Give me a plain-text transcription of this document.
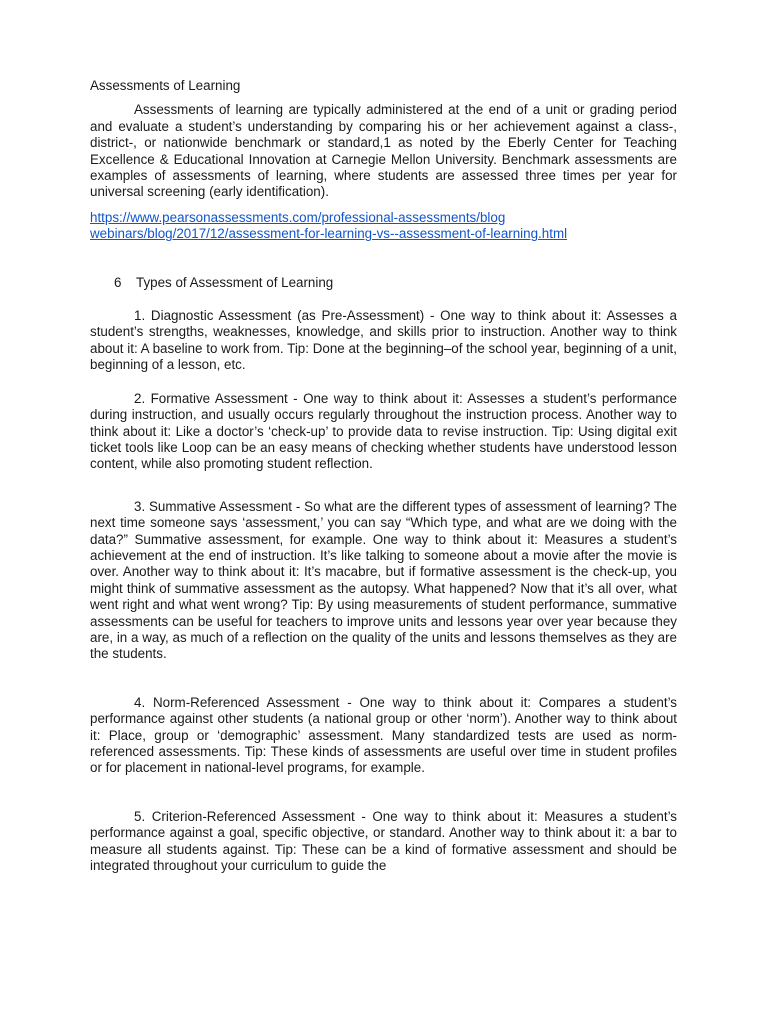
Assessments of Learning

Assessments of learning are typically administered at the end of a unit or grading period and evaluate a student’s understanding by comparing his or her achievement against a class-, district-, or nationwide benchmark or standard,1 as noted by the Eberly Center for Teaching Excellence & Educational Innovation at Carnegie Mellon University. Benchmark assessments are examples of assessments of learning, where students are assessed three times per year for universal screening (early identification).

https://www.pearsonassessments.com/professional-assessments/blog
webinars/blog/2017/12/assessment-for-learning-vs--assessment-of-learning.html

6 Types of Assessment of Learning

1. Diagnostic Assessment (as Pre-Assessment) - One way to think about it: Assesses a student’s strengths, weaknesses, knowledge, and skills prior to instruction. Another way to think about it: A baseline to work from. Tip: Done at the beginning–of the school year, beginning of a unit, beginning of a lesson, etc.

2. Formative Assessment - One way to think about it: Assesses a student’s performance during instruction, and usually occurs regularly throughout the instruction process. Another way to think about it: Like a doctor’s ‘check-up’ to provide data to revise instruction. Tip: Using digital exit ticket tools like Loop can be an easy means of checking whether students have understood lesson content, while also promoting student reflection.

3. Summative Assessment - So what are the different types of assessment of learning? The next time someone says ‘assessment,’ you can say “Which type, and what are we doing with the data?” Summative assessment, for example. One way to think about it: Measures a student’s achievement at the end of instruction. It’s like talking to someone about a movie after the movie is over. Another way to think about it: It’s macabre, but if formative assessment is the check-up, you might think of summative assessment as the autopsy. What happened? Now that it’s all over, what went right and what went wrong? Tip: By using measurements of student performance, summative assessments can be useful for teachers to improve units and lessons year over year because they are, in a way, as much of a reflection on the quality of the units and lessons themselves as they are the students.

4. Norm-Referenced Assessment - One way to think about it: Compares a student’s performance against other students (a national group or other ‘norm’). Another way to think about it: Place, group or ‘demographic’ assessment. Many standardized tests are used as norm-referenced assessments. Tip: These kinds of assessments are useful over time in student profiles or for placement in national-level programs, for example.

5. Criterion-Referenced Assessment - One way to think about it: Measures a student’s performance against a goal, specific objective, or standard. Another way to think about it: a bar to measure all students against. Tip: These can be a kind of formative assessment and should be integrated throughout your curriculum to guide the
